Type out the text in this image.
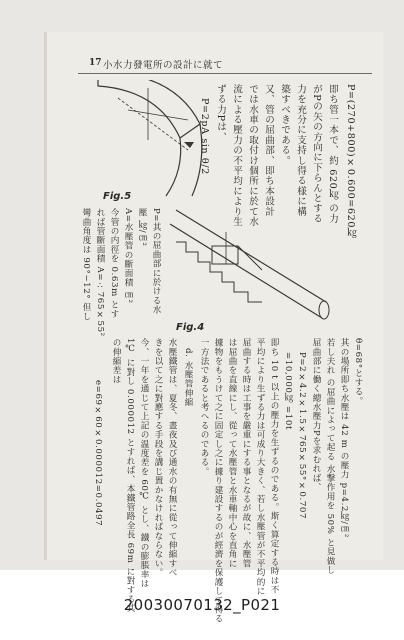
17 小水力發電所の設計に就て
Fig.5
Fig.4
P=(270+800)×0.600=620㎏
即ち管一本で、約 620㎏ の力
がPの矢の方向に下らんとする
力を充分に支持し得る様に構
築すべきである。
又、管の屈曲部、即ち本設計
では水車の取付け個所に於て水
流による壓力の不平均により生
ずる力Pは、
P=2pA sin θ/2
P=其の屈曲部に於ける水
壓 ㎏/㎝²
A=水壓管の斷面積 ㎝²
今管の内徑を 0.63m とす
れば管斷面積 A=∴765×55²
彎曲角度は 90°−12° 但し
θ=68°とする。
其の場所即ち水壓は 42 m の壓力 p=4.2㎏/㎝²
若し夫れ の屈曲によって起る 水撃作用を 50% と見做し
屈曲部に働く總水壓力Pを求むれば、
P=2×4.2×1.5×765×55°×0.707
=10,000㎏ =10t
即ち 10 t 以上の壓力を生ずるのである。斯く算定する時は不
平均により生ずる力は可成り大きく、若し水壓管が不平均的に
屈曲する時は工事を嚴重にする事となるが故に、水壓管
は屈曲を直線にし、從って水壓管と水車軸中心を直角に
據物をもうけて之に固定し之に據り建設するのが經濟を保護して得る
一方法であると考へるのである。
d. 水壓管伸縮
水壓鐵管は、夏冬、晝夜及び通水の有無に從って伸縮すべ
きを以て之に對應する手段を講じ置かなければならない。
今、一年を通じて上記の温度差を 60℃ とし、鐵の膨脹率は
1℃ に對し 0.000012 とすれば、本鐵管路全長 69m に對する其
の伸縮差は
e=69×60×0.000012=0.0497
20030070132_P021
